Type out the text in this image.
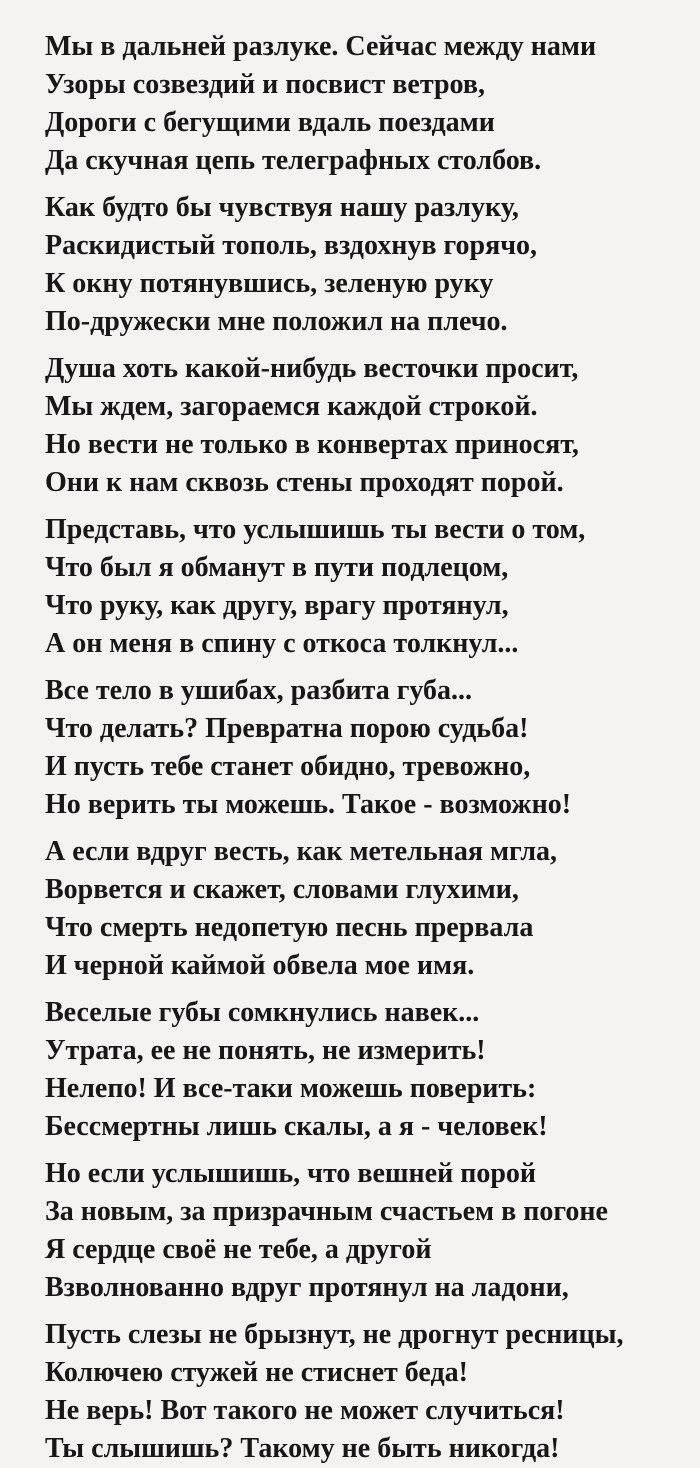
Мы в дальней разлуке. Сейчас между нами
Узоры созвездий и посвист ветров,
Дороги с бегущими вдаль поездами
Да скучная цепь телеграфных столбов.
Как будто бы чувствуя нашу разлуку,
Раскидистый тополь, вздохнув горячо,
К окну потянувшись, зеленую руку
По-дружески мне положил на плечо.
Душа хоть какой-нибудь весточки просит,
Мы ждем, загораемся каждой строкой.
Но вести не только в конвертах приносят,
Они к нам сквозь стены проходят порой.
Представь, что услышишь ты вести о том,
Что был я обманут в пути подлецом,
Что руку, как другу, врагу протянул,
А он меня в спину с откоса толкнул...
Все тело в ушибах, разбита губа...
Что делать? Превратна порою судьба!
И пусть тебе станет обидно, тревожно,
Но верить ты можешь. Такое - возможно!
А если вдруг весть, как метельная мгла,
Ворвется и скажет, словами глухими,
Что смерть недопетую песнь прервала
И черной каймой обвела мое имя.
Веселые губы сомкнулись навек...
Утрата, ее не понять, не измерить!
Нелепо! И все-таки можешь поверить:
Бессмертны лишь скалы, а я - человек!
Но если услышишь, что вешней порой
За новым, за призрачным счастьем в погоне
Я сердце своё не тебе, а другой
Взволнованно вдруг протянул на ладони,
Пусть слезы не брызнут, не дрогнут ресницы,
Колючею стужей не стиснет беда!
Не верь! Вот такого не может случиться!
Ты слышишь? Такому не быть никогда!
